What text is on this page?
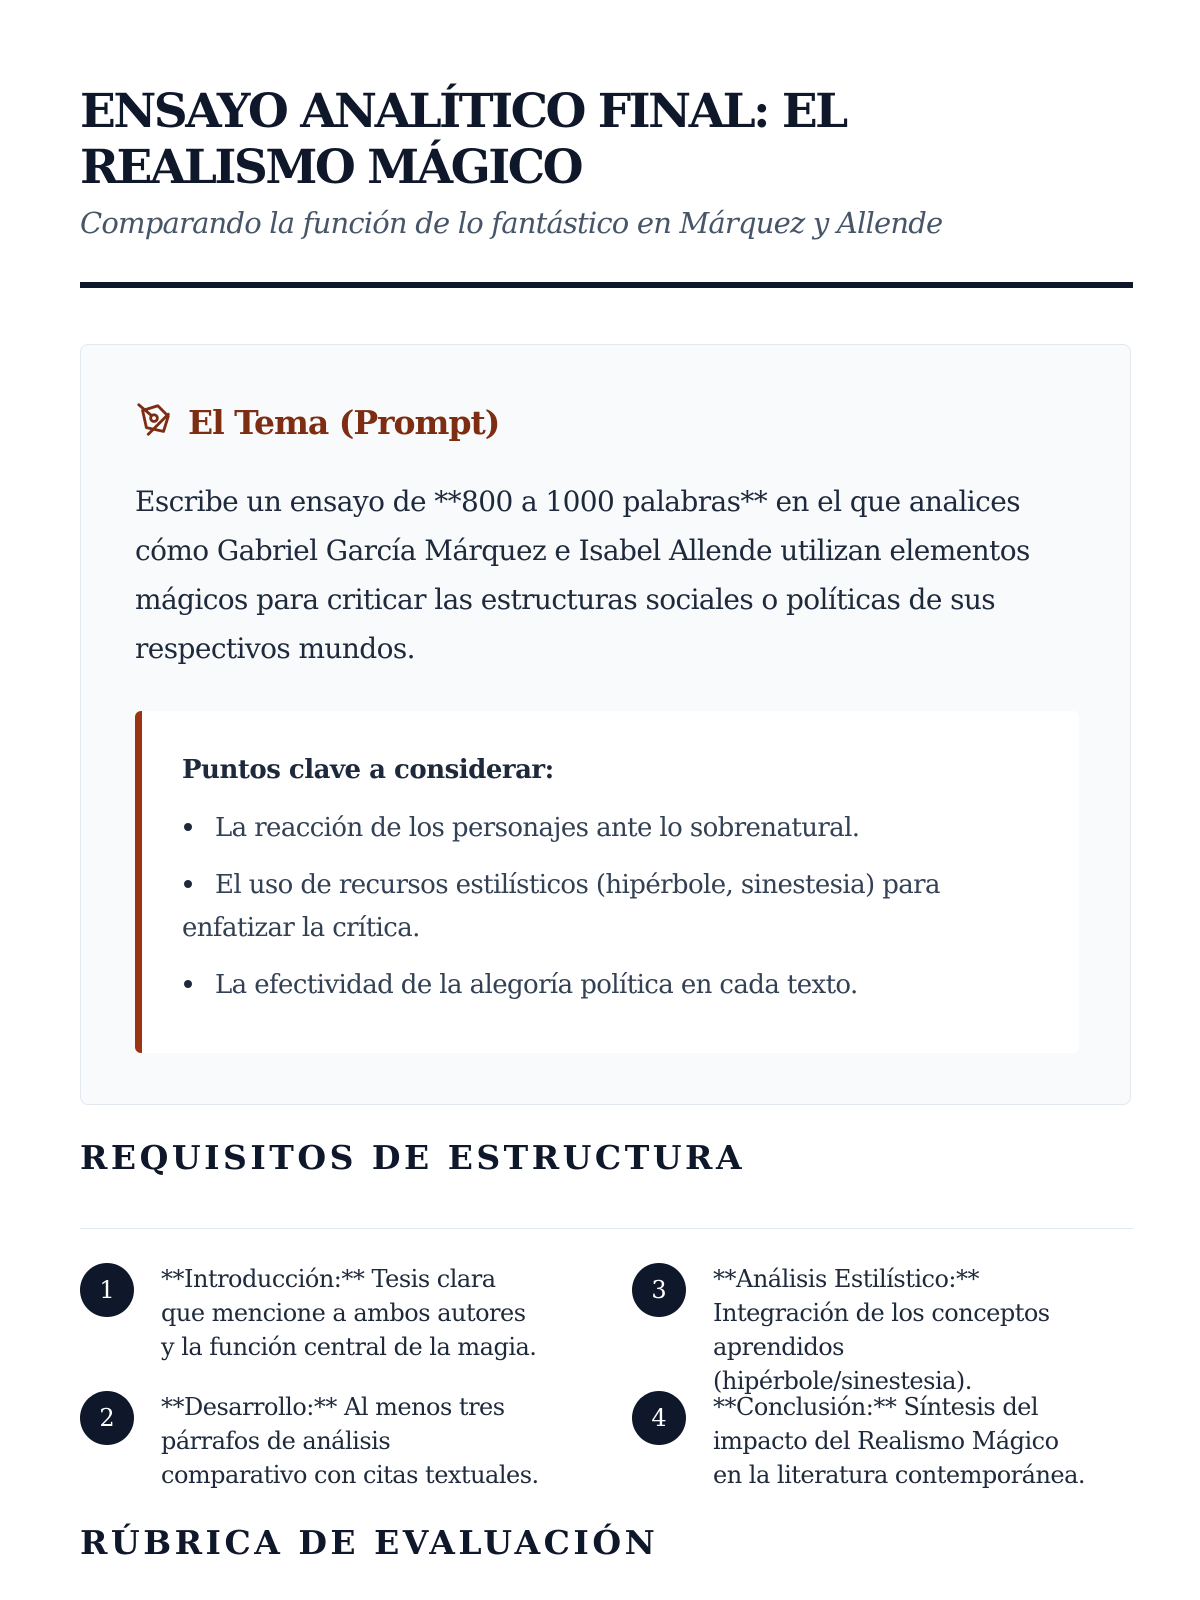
ENSAYO ANALÍTICO FINAL: EL REALISMO MÁGICO

Comparando la función de lo fantástico en Márquez y Allende

El Tema (Prompt)
Escribe un ensayo de **800 a 1000 palabras** en el que analices cómo Gabriel García Márquez e Isabel Allende utilizan elementos mágicos para criticar las estructuras sociales o políticas de sus respectivos mundos.
Puntos clave a considerar:
La reacción de los personajes ante lo sobrenatural.
El uso de recursos estilísticos (hipérbole, sinestesia) para enfatizar la crítica.
La efectividad de la alegoría política en cada texto.
REQUISITOS DE ESTRUCTURA
1	**Introducción:** Tesis clara que mencione a ambos autores y la función central de la magia.
2	**Desarrollo:** Al menos tres párrafos de análisis comparativo con citas textuales.
3	**Análisis Estilístico:** Integración de los conceptos aprendidos (hipérbole/sinestesia).
4	**Conclusión:** Síntesis del impacto del Realismo Mágico en la literatura contemporánea.
RÚBRICA DE EVALUACIÓN
